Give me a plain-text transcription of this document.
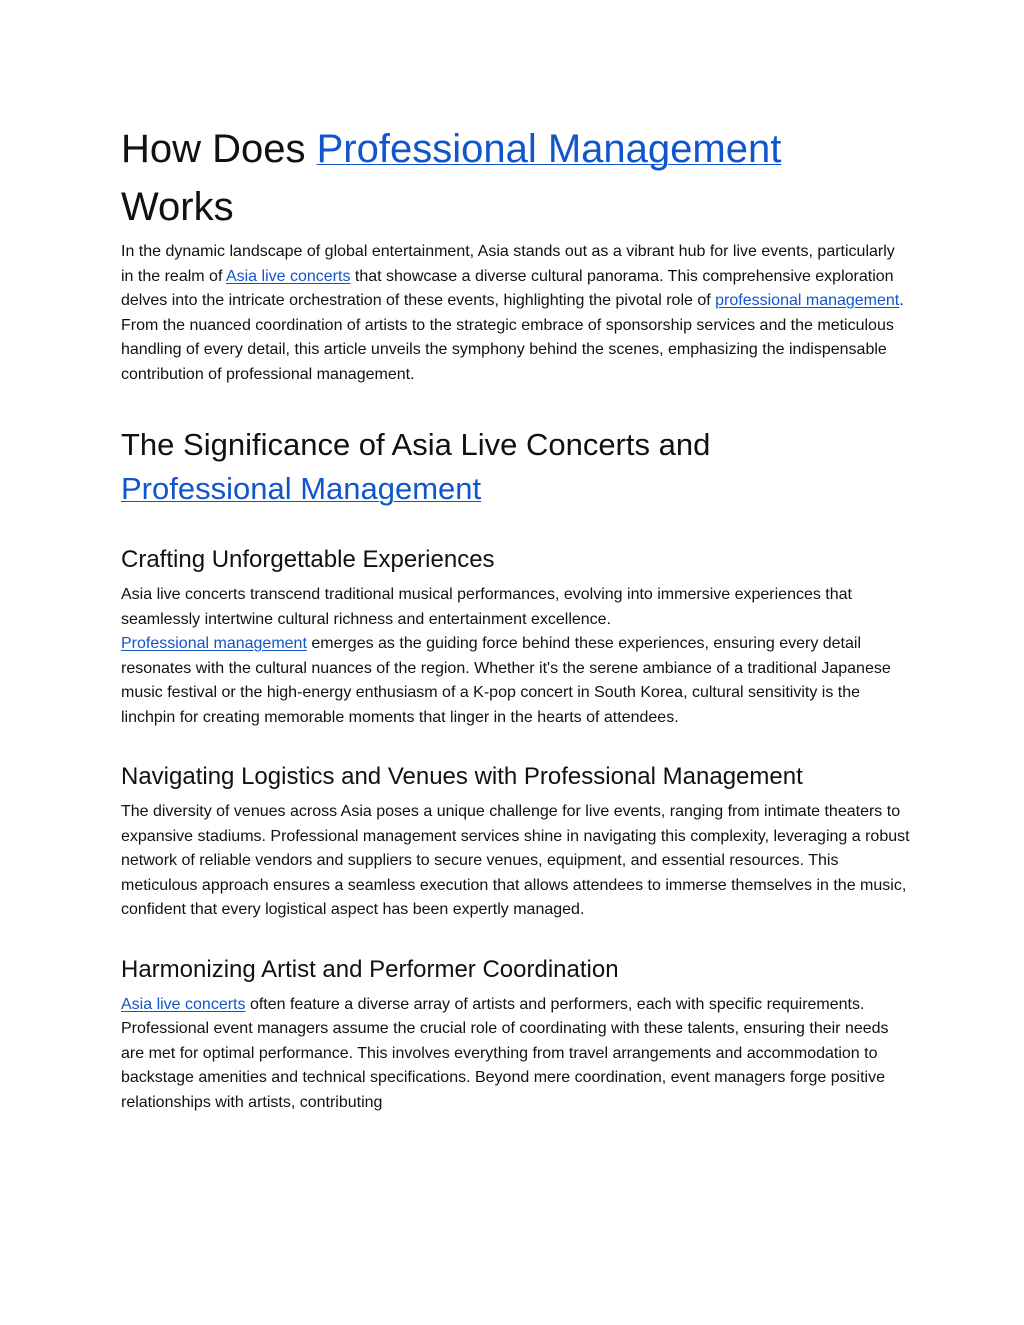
How Does Professional Management
Works

In the dynamic landscape of global entertainment, Asia stands out as a vibrant hub for live events, particularly in the realm of Asia live concerts that showcase a diverse cultural panorama. This comprehensive exploration delves into the intricate orchestration of these events, highlighting the pivotal role of professional management. From the nuanced coordination of artists to the strategic embrace of sponsorship services and the meticulous handling of every detail, this article unveils the symphony behind the scenes, emphasizing the indispensable contribution of professional management.

The Significance of Asia Live Concerts and
Professional Management
Crafting Unforgettable Experiences

Asia live concerts transcend traditional musical performances, evolving into immersive experiences that seamlessly intertwine cultural richness and entertainment excellence.
Professional management emerges as the guiding force behind these experiences, ensuring every detail resonates with the cultural nuances of the region. Whether it's the serene ambiance of a traditional Japanese music festival or the high-energy enthusiasm of a K-pop concert in South Korea, cultural sensitivity is the linchpin for creating memorable moments that linger in the hearts of attendees.

Navigating Logistics and Venues with Professional Management

The diversity of venues across Asia poses a unique challenge for live events, ranging from intimate theaters to expansive stadiums. Professional management services shine in navigating this complexity, leveraging a robust network of reliable vendors and suppliers to secure venues, equipment, and essential resources. This meticulous approach ensures a seamless execution that allows attendees to immerse themselves in the music, confident that every logistical aspect has been expertly managed.

Harmonizing Artist and Performer Coordination

Asia live concerts often feature a diverse array of artists and performers, each with specific requirements. Professional event managers assume the crucial role of coordinating with these talents, ensuring their needs are met for optimal performance. This involves everything from travel arrangements and accommodation to backstage amenities and technical specifications. Beyond mere coordination, event managers forge positive relationships with artists, contributing
